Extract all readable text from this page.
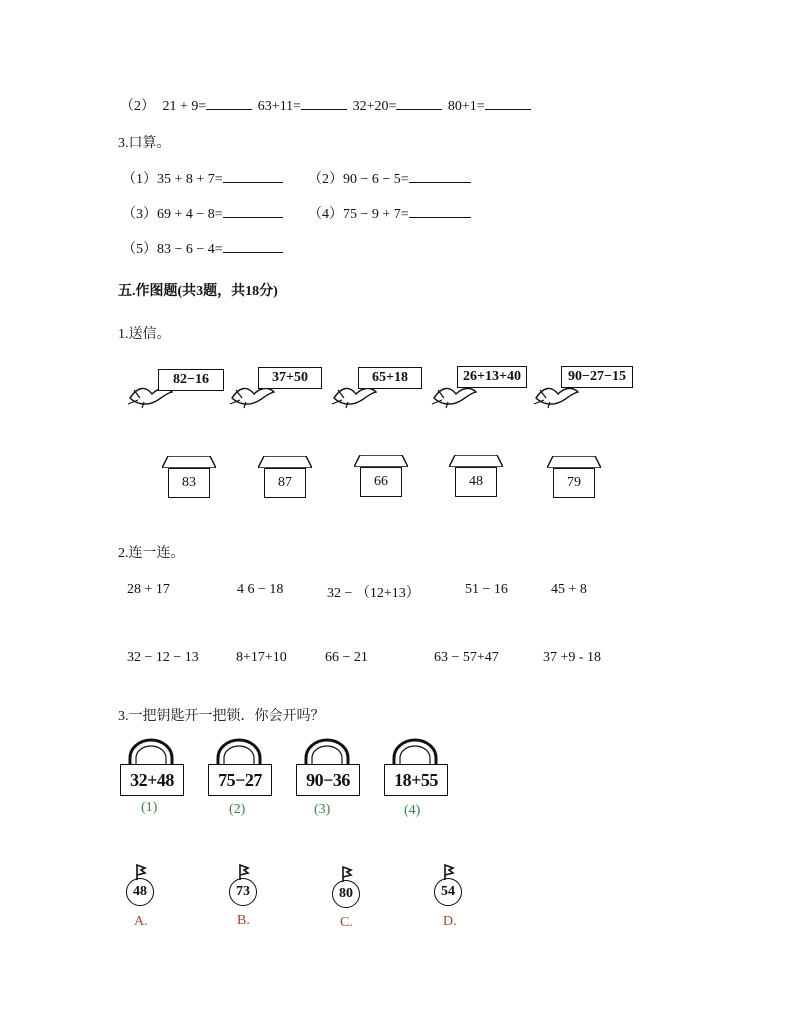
（2） 21 + 9=	63+11=	32+20=	80+1=
3.口算。
（1）35 + 8 + 7=	（2）90 − 6 − 5=
（3）69 + 4 − 8=	（4）75 − 9 + 7=
（5）83 − 6 − 4=
五.作图题(共3题，共18分)
1.送信。
82−16	37+50	65+18	26+13+40	90−27−15
83	87	66	48	79
2.连一连。
28 + 17	4 6 − 18	32 − （12+13）	51 − 16	45 + 8
32 − 12 − 13	8+17+10	66 − 21	63 − 57+47	37 +9 - 18
3.一把钥匙开一把锁．你会开吗？
32+48	75−27	90−36	18+55
(1)	(2)	(3)	(4)
48	73	80	54
A.	B.	C.	D.
